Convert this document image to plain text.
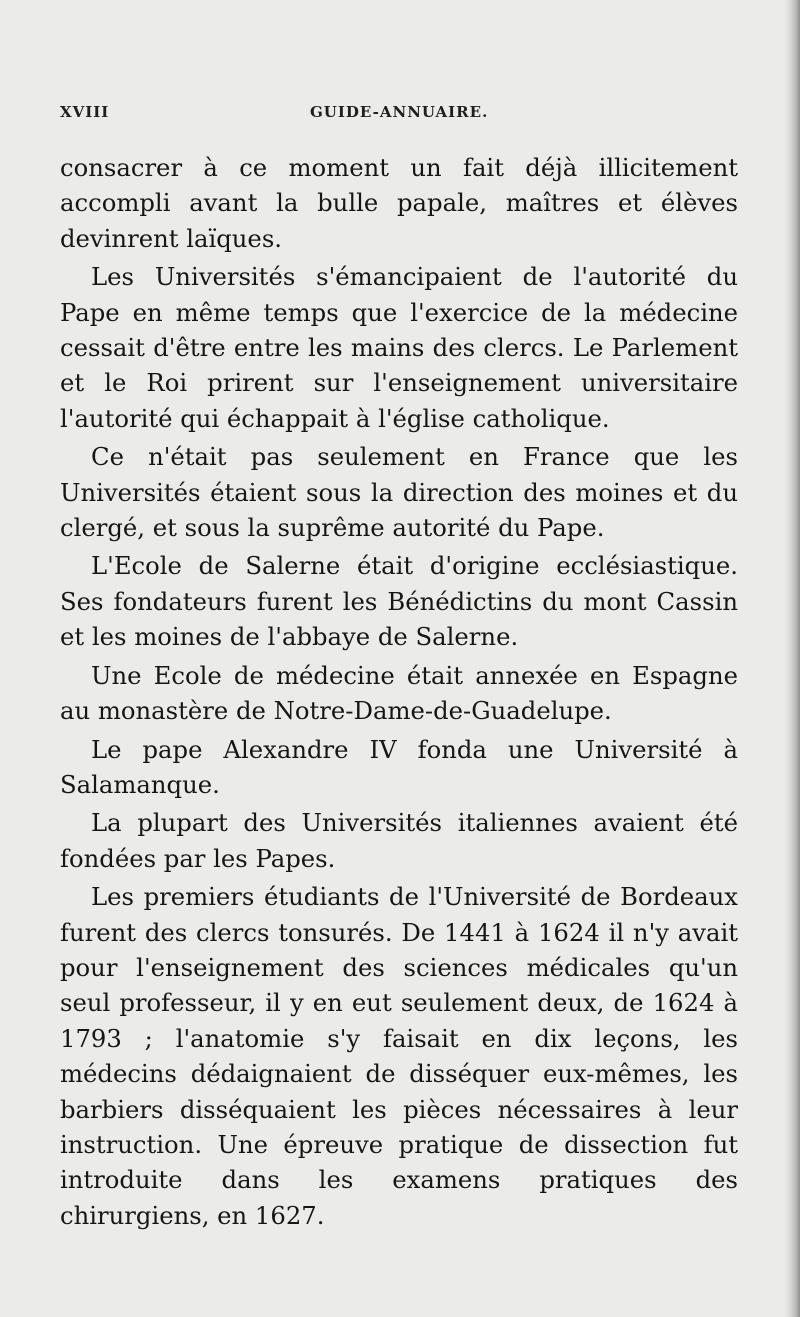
XVIII	GUIDE-ANNUAIRE.

consacrer à ce moment un fait déjà illicitement accompli avant la bulle papale, maîtres et élèves devinrent laïques.

Les Universités s'émancipaient de l'autorité du Pape en même temps que l'exercice de la médecine cessait d'être entre les mains des clercs. Le Parlement et le Roi prirent sur l'enseignement universitaire l'autorité qui échappait à l'église catholique.

Ce n'était pas seulement en France que les Universités étaient sous la direction des moines et du clergé, et sous la suprême autorité du Pape.

L'Ecole de Salerne était d'origine ecclésiastique. Ses fondateurs furent les Bénédictins du mont Cassin et les moines de l'abbaye de Salerne.

Une Ecole de médecine était annexée en Espagne au monastère de Notre-Dame-de-Guadelupe.

Le pape Alexandre IV fonda une Université à Salamanque.

La plupart des Universités italiennes avaient été fondées par les Papes.

Les premiers étudiants de l'Université de Bordeaux furent des clercs tonsurés. De 1441 à 1624 il n'y avait pour l'enseignement des sciences médicales qu'un seul professeur, il y en eut seulement deux, de 1624 à 1793 ; l'anatomie s'y faisait en dix leçons, les médecins dédaignaient de disséquer eux-mêmes, les barbiers disséquaient les pièces nécessaires à leur instruction. Une épreuve pratique de dissection fut introduite dans les examens pratiques des chirurgiens, en 1627.
